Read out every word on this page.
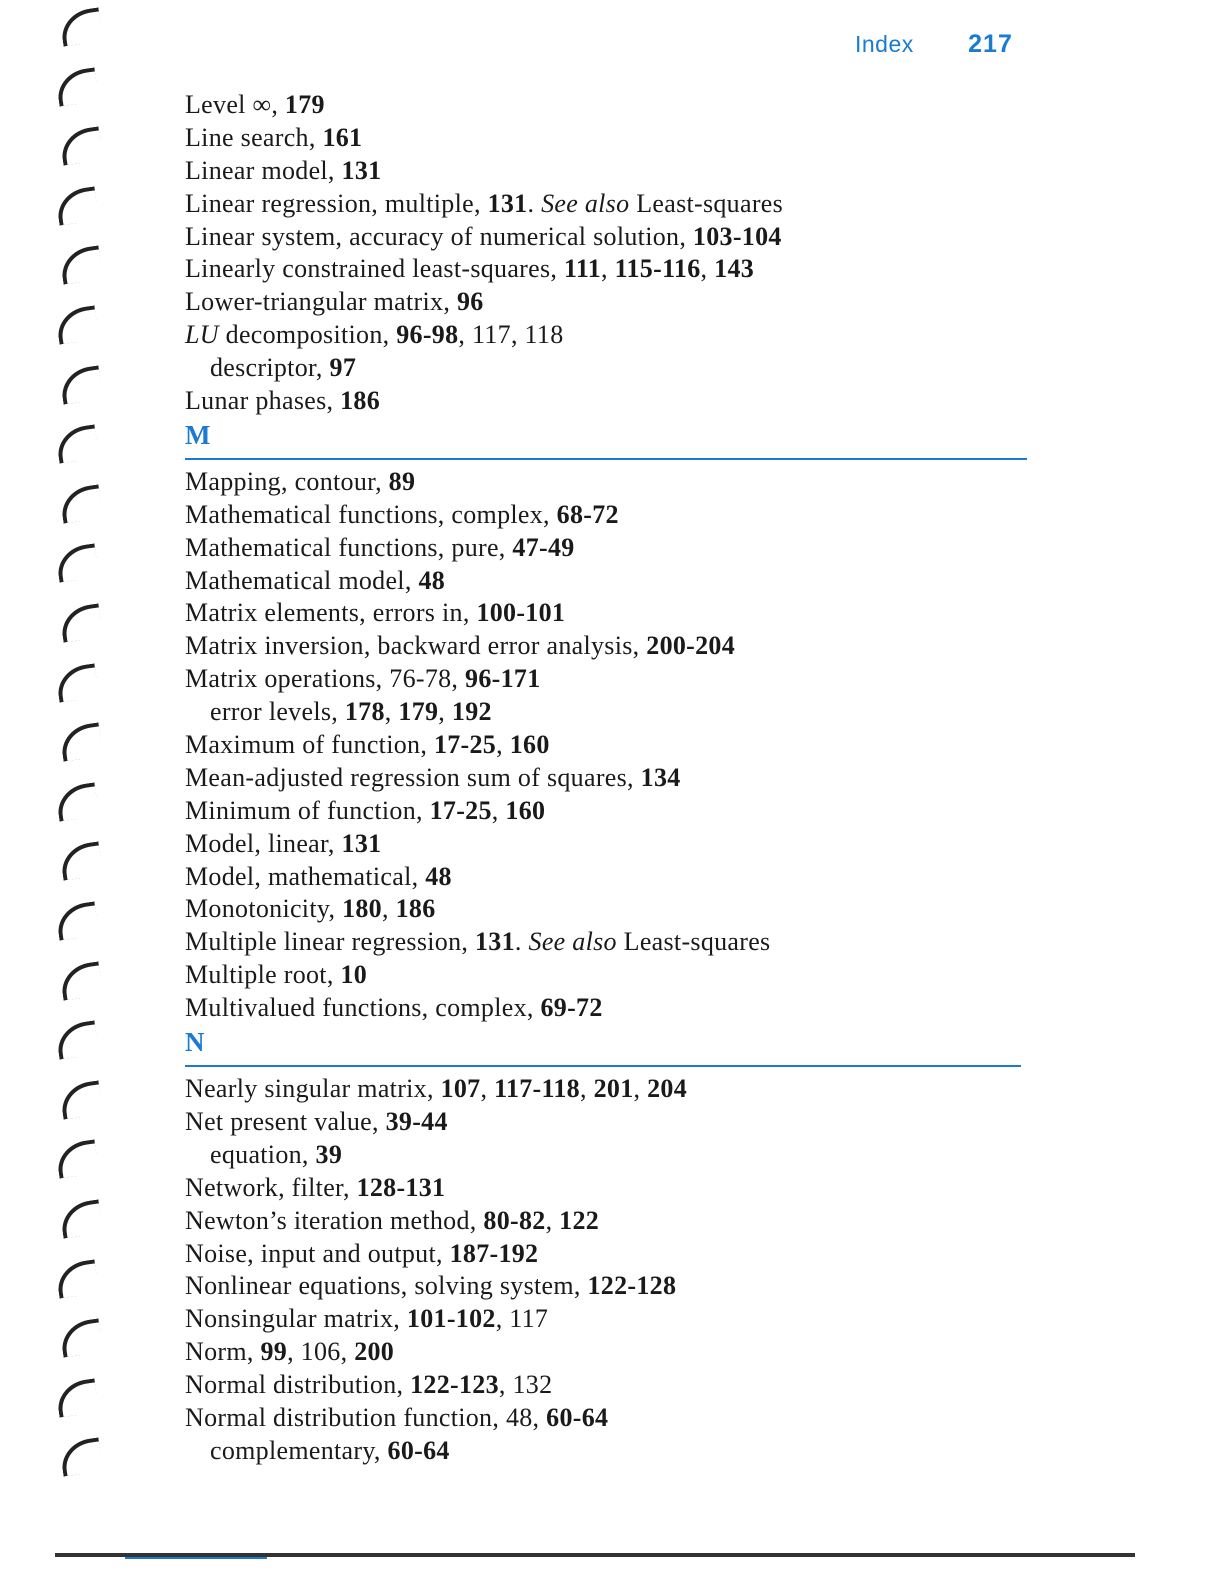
Index 217
Level ∞, 179
Line search, 161
Linear model, 131
Linear regression, multiple, 131. See also Least-squares
Linear system, accuracy of numerical solution, 103-104
Linearly constrained least-squares, 111, 115-116, 143
Lower-triangular matrix, 96
LU decomposition, 96-98, 117, 118
descriptor, 97
Lunar phases, 186
M
Mapping, contour, 89
Mathematical functions, complex, 68-72
Mathematical functions, pure, 47-49
Mathematical model, 48
Matrix elements, errors in, 100-101
Matrix inversion, backward error analysis, 200-204
Matrix operations, 76-78, 96-171
error levels, 178, 179, 192
Maximum of function, 17-25, 160
Mean-adjusted regression sum of squares, 134
Minimum of function, 17-25, 160
Model, linear, 131
Model, mathematical, 48
Monotonicity, 180, 186
Multiple linear regression, 131. See also Least-squares
Multiple root, 10
Multivalued functions, complex, 69-72
N
Nearly singular matrix, 107, 117-118, 201, 204
Net present value, 39-44
equation, 39
Network, filter, 128-131
Newton’s iteration method, 80-82, 122
Noise, input and output, 187-192
Nonlinear equations, solving system, 122-128
Nonsingular matrix, 101-102, 117
Norm, 99, 106, 200
Normal distribution, 122-123, 132
Normal distribution function, 48, 60-64
complementary, 60-64
